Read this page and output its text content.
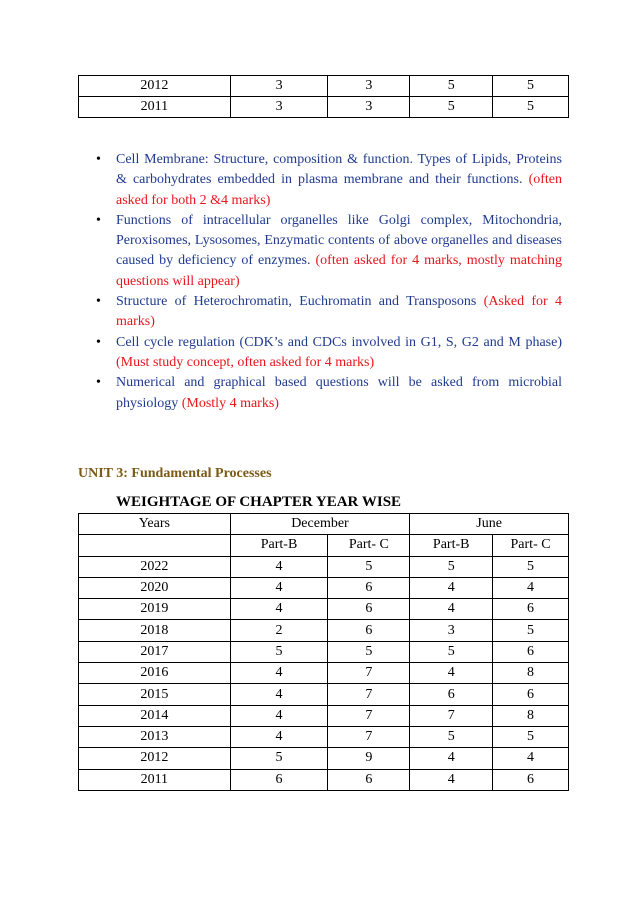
2012	3	3	5	5
2011	3	3	5	5
• Cell Membrane: Structure, composition & function. Types of Lipids, Proteins & carbohydrates embedded in plasma membrane and their functions. (often asked for both 2 &4 marks)
• Functions of intracellular organelles like Golgi complex, Mitochondria, Peroxisomes, Lysosomes, Enzymatic contents of above organelles and diseases caused by deficiency of enzymes. (often asked for 4 marks, mostly matching questions will appear)
• Structure of Heterochromatin, Euchromatin and Transposons (Asked for 4 marks)
• Cell cycle regulation (CDK’s and CDCs involved in G1, S, G2 and M phase) (Must study concept, often asked for 4 marks)
• Numerical and graphical based questions will be asked from microbial physiology (Mostly 4 marks)
UNIT 3: Fundamental Processes
WEIGHTAGE OF CHAPTER YEAR WISE
Years	December		June	
	Part-B	Part- C	Part-B	Part- C
2022	4	5	5	5
2020	4	6	4	4
2019	4	6	4	6
2018	2	6	3	5
2017	5	5	5	6
2016	4	7	4	8
2015	4	7	6	6
2014	4	7	7	8
2013	4	7	5	5
2012	5	9	4	4
2011	6	6	4	6
